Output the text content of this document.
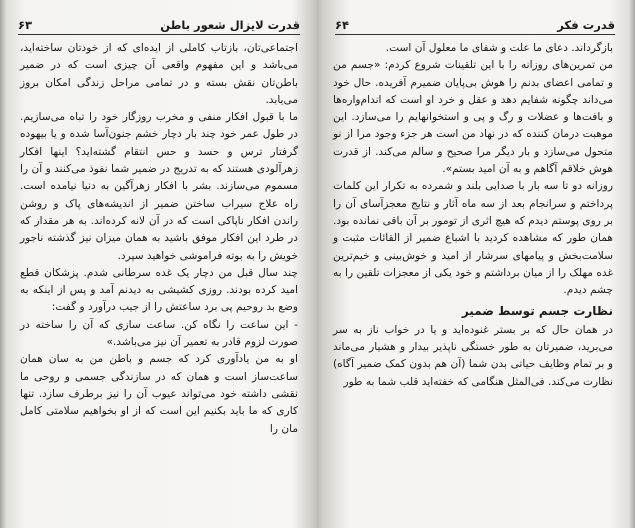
قدرت لایزال شعور باطن
۶۳

اجتماعی‌تان، بازتاب کاملی از ایده‌ای که از خودتان ساخته‌اید، می‌باشد و این مفهوم واقعی آن چیزی است که در ضمیر باطن‌تان نقش بسته و در تمامی مراحل زندگی امکان بروز می‌یابد.

ما با قبول افکار منفی و مخرب روزگار خود را تباه می‌سازیم. در طول عمر خود چند بار دچار خشم جنون‌آسا شده و یا بیهوده گرفتار ترس و حسد و حس انتقام گشته‌اید؟ اینها افکار زهرآلودی هستند که به تدریج در ضمیر شما نفوذ می‌کنند و آن را مسموم می‌سازند. بشر با افکار زهرآگین به دنیا نیامده است. راه علاج سیراب ساختن ضمیر از اندیشه‌های پاک و روشن راندن افکار ناپاکی است که در آن لانه کرده‌اند. به هر مقدار که در طرد این افکار موفق باشید به همان میزان نیز گذشته ناجور خویش را به بوته فراموشی خواهید سپرد.

چند سال قبل من دچار یک غده سرطانی شدم. پزشکان قطع امید کرده بودند. روزی کشیشی به دیدنم آمد و پس از اینکه به وضع بد روحیم پی برد ساعتش را از جیب درآورد و گفت:

- این ساعت را نگاه کن. ساعت سازی که آن را ساخته در صورت لزوم قادر به تعمیر آن نیز می‌باشد.»

او به من یادآوری کرد که جسم و باطن من به سان همان ساعت‌ساز است و همان که در سازندگی جسمی و روحی ما نقشی داشته خود می‌تواند عیوب آن را نیز برطرف سازد. تنها کاری که ما باید بکنیم این است که از او بخواهیم سلامتی کامل مان را

قدرت فکر
۶۴

بازگرداند. دعای ما علت و شفای ما معلول آن است.

من تمرین‌های روزانه را با این تلقینات شروع کردم: «جسم من و تمامی اعضای بدنم را هوش بی‌پایان ضمیرم آفریده. حال خود می‌داند چگونه شفایم دهد و عقل و خرد او است که اندام‌واره‌ها و بافت‌ها و عضلات و رگ و پی و استخوانهایم را می‌سازد. این موهبت درمان کننده که در نهاد من است هر جزء وجود مرا از نو متحول می‌سازد و بار دیگر مرا صحیح و سالم می‌کند. از قدرت هوش خلاقم آگاهم و به آن امید بستم».

روزانه دو تا سه بار با صدایی بلند و شمرده به تکرار این کلمات پرداختم و سرانجام بعد از سه ماه آثار و نتایج معجزآسای آن را بر روی پوستم دیدم که هیچ اثری از تومور بر آن باقی نمانده بود.

همان طور که مشاهده کردید با اشباع ضمیر از القائات مثبت و سلامت‌بخش و پیامهای سرشار از امید و خوش‌بینی و خیم‌ترین غده مهلک را از میان برداشتم و خود یکی از معجزات تلقین را به چشم دیدم.

نظارت جسم توسط ضمیر

در همان حال که بر بستر غنوده‌اید و یا در خواب ناز به سر می‌برید، ضمیرتان به طور خستگی ناپذیر بیدار و هشیار می‌ماند و بر تمام وظایف حیاتی بدن شما (آن هم بدون کمک ضمیر آگاه) نظارت می‌کند. فی‌المثل هنگامی که خفته‌اید قلب شما به طور
